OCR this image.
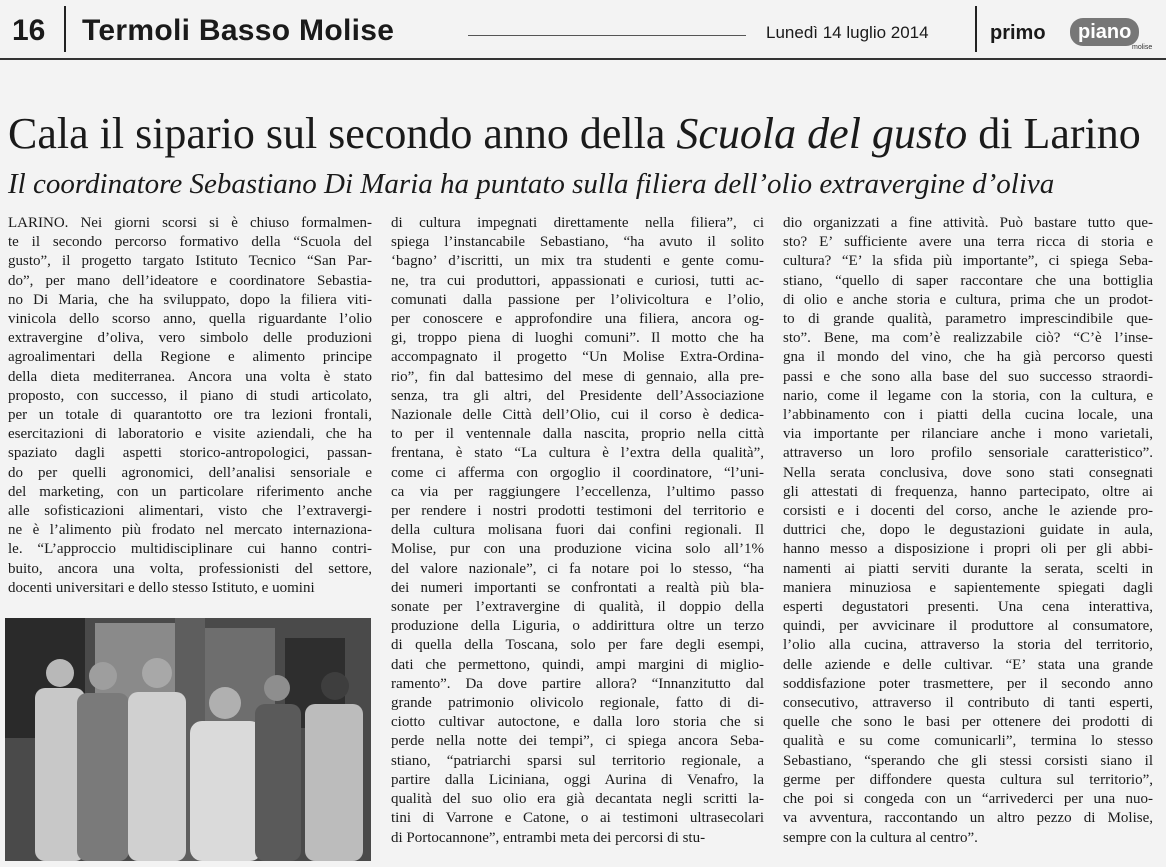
16 Termoli Basso Molise	Lunedì 14 luglio 2014	primo	piano
molise
Cala il sipario sul secondo anno della Scuola del gusto di Larino
Il coordinatore Sebastiano Di Maria ha puntato sulla filiera dell’olio extravergine d’oliva
LARINO. Nei giorni scorsi si è chiuso formalmen-
te il secondo percorso formativo della “Scuola del
gusto”, il progetto targato Istituto Tecnico “San Par-
do”, per mano dell’ideatore e coordinatore Sebastia-
no Di Maria, che ha sviluppato, dopo la filiera viti-
vinicola dello scorso anno, quella riguardante l’olio
extravergine d’oliva, vero simbolo delle produzioni
agroalimentari della Regione e alimento principe
della dieta mediterranea. Ancora una volta è stato
proposto, con successo, il piano di studi articolato,
per un totale di quarantotto ore tra lezioni frontali,
esercitazioni di laboratorio e visite aziendali, che ha
spaziato dagli aspetti storico-antropologici, passan-
do per quelli agronomici, dell’analisi sensoriale e
del marketing, con un particolare riferimento anche
alle sofisticazioni alimentari, visto che l’extravergi-
ne è l’alimento più frodato nel mercato internaziona-
le. “L’approccio multidisciplinare cui hanno contri-
buito, ancora una volta, professionisti del settore,
docenti universitari e dello stesso Istituto, e uomini
di cultura impegnati direttamente nella filiera”, ci
spiega l’instancabile Sebastiano, “ha avuto il solito
‘bagno’ d’iscritti, un mix tra studenti e gente comu-
ne, tra cui produttori, appassionati e curiosi, tutti ac-
comunati dalla passione per l’olivicoltura e l’olio,
per conoscere e approfondire una filiera, ancora og-
gi, troppo piena di luoghi comuni”. Il motto che ha
accompagnato il progetto “Un Molise Extra-Ordina-
rio”, fin dal battesimo del mese di gennaio, alla pre-
senza, tra gli altri, del Presidente dell’Associazione
Nazionale delle Città dell’Olio, cui il corso è dedica-
to per il ventennale dalla nascita, proprio nella città
frentana, è stato “La cultura è l’extra della qualità”,
come ci afferma con orgoglio il coordinatore, “l’uni-
ca via per raggiungere l’eccellenza, l’ultimo passo
per rendere i nostri prodotti testimoni del territorio e
della cultura molisana fuori dai confini regionali. Il
Molise, pur con una produzione vicina solo all’1%
del valore nazionale”, ci fa notare poi lo stesso, “ha
dei numeri importanti se confrontati a realtà più bla-
sonate per l’extravergine di qualità, il doppio della
produzione della Liguria, o addirittura oltre un terzo
di quella della Toscana, solo per fare degli esempi,
dati che permettono, quindi, ampi margini di miglio-
ramento”. Da dove partire allora? “Innanzitutto dal
grande patrimonio olivicolo regionale, fatto di di-
ciotto cultivar autoctone, e dalla loro storia che si
perde nella notte dei tempi”, ci spiega ancora Seba-
stiano, “patriarchi sparsi sul territorio regionale, a
partire dalla Liciniana, oggi Aurina di Venafro, la
qualità del suo olio era già decantata negli scritti la-
tini di Varrone e Catone, o ai testimoni ultrasecolari
di Portocannone”, entrambi meta dei percorsi di stu-
dio organizzati a fine attività. Può bastare tutto que-
sto? E’ sufficiente avere una terra ricca di storia e
cultura? “E’ la sfida più importante”, ci spiega Seba-
stiano, “quello di saper raccontare che una bottiglia
di olio e anche storia e cultura, prima che un prodot-
to di grande qualità, parametro imprescindibile que-
sto”. Bene, ma com’è realizzabile ciò? “C’è l’inse-
gna il mondo del vino, che ha già percorso questi
passi e che sono alla base del suo successo straordi-
nario, come il legame con la storia, con la cultura, e
l’abbinamento con i piatti della cucina locale, una
via importante per rilanciare anche i mono varietali,
attraverso un loro profilo sensoriale caratteristico”.
Nella serata conclusiva, dove sono stati consegnati
gli attestati di frequenza, hanno partecipato, oltre ai
corsisti e i docenti del corso, anche le aziende pro-
duttrici che, dopo le degustazioni guidate in aula,
hanno messo a disposizione i propri oli per gli abbi-
namenti ai piatti serviti durante la serata, scelti in
maniera minuziosa e sapientemente spiegati dagli
esperti degustatori presenti. Una cena interattiva,
quindi, per avvicinare il produttore al consumatore,
l’olio alla cucina, attraverso la storia del territorio,
delle aziende e delle cultivar. “E’ stata una grande
soddisfazione poter trasmettere, per il secondo anno
consecutivo, attraverso il contributo di tanti esperti,
quelle che sono le basi per ottenere dei prodotti di
qualità e su come comunicarli”, termina lo stesso
Sebastiano, “sperando che gli stessi corsisti siano il
germe per diffondere questa cultura sul territorio”,
che poi si congeda con un “arrivederci per una nuo-
va avventura, raccontando un altro pezzo di Molise,
sempre con la cultura al centro”.
